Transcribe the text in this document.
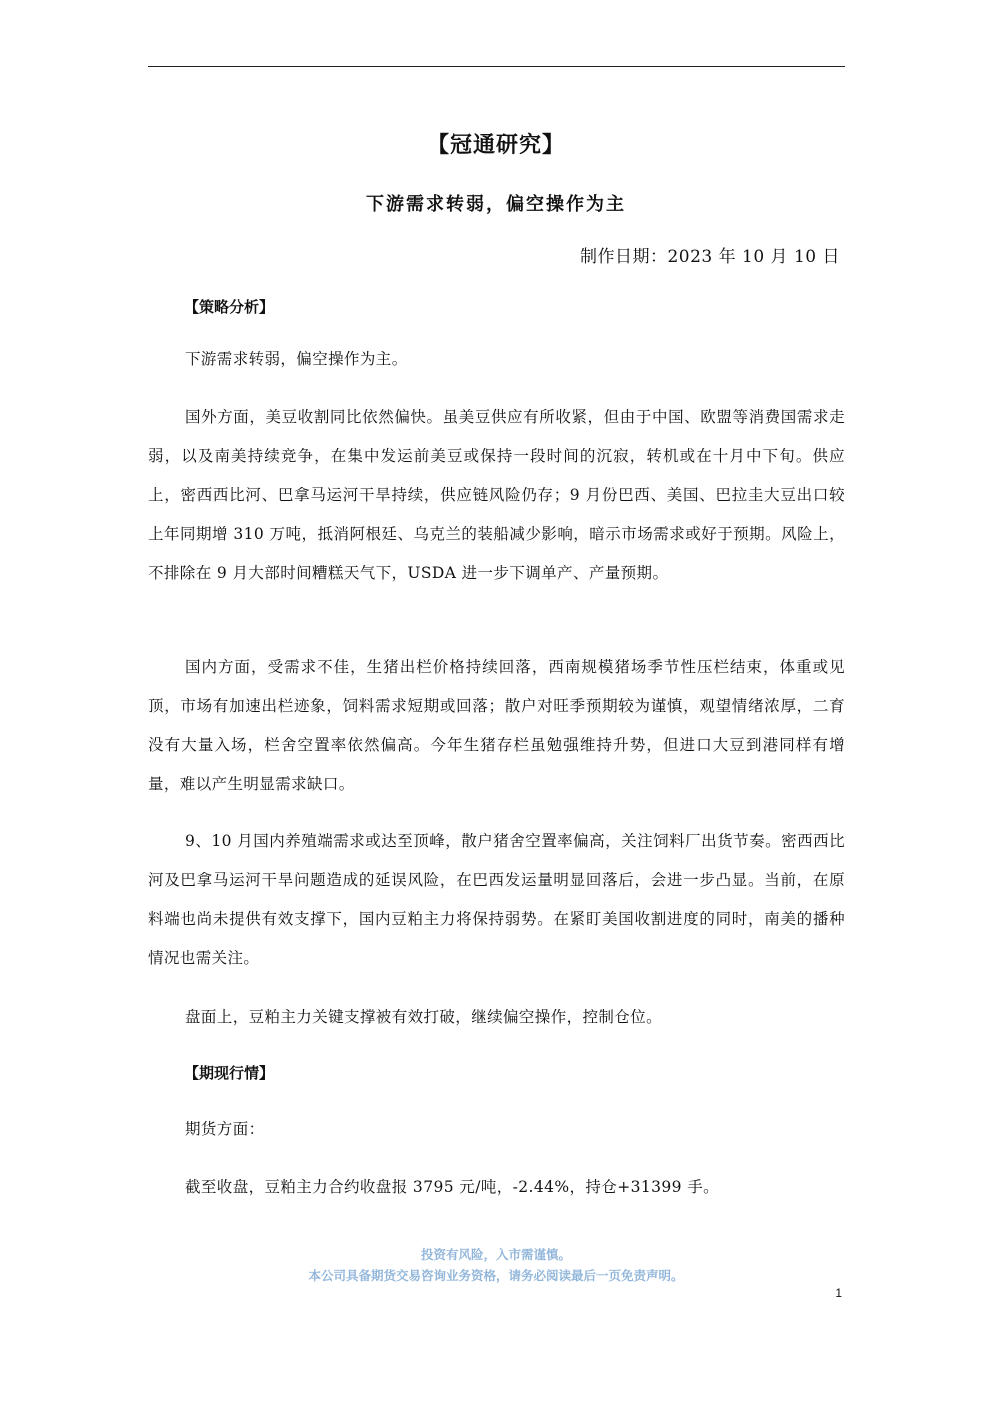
【冠通研究】
下游需求转弱，偏空操作为主
制作日期：2023 年 10 月 10 日
【策略分析】
下游需求转弱，偏空操作为主。
国外方面，美豆收割同比依然偏快。虽美豆供应有所收紧，但由于中国、欧盟等消费国需求走弱，以及南美持续竞争，在集中发运前美豆或保持一段时间的沉寂，转机或在十月中下旬。供应上，密西西比河、巴拿马运河干旱持续，供应链风险仍存；9 月份巴西、美国、巴拉圭大豆出口较上年同期增 310 万吨，抵消阿根廷、乌克兰的装船减少影响，暗示市场需求或好于预期。风险上，不排除在 9 月大部时间糟糕天气下，USDA 进一步下调单产、产量预期。
国内方面，受需求不佳，生猪出栏价格持续回落，西南规模猪场季节性压栏结束，体重或见顶，市场有加速出栏迹象，饲料需求短期或回落；散户对旺季预期较为谨慎，观望情绪浓厚，二育没有大量入场，栏舍空置率依然偏高。今年生猪存栏虽勉强维持升势，但进口大豆到港同样有增量，难以产生明显需求缺口。
9、10 月国内养殖端需求或达至顶峰，散户猪舍空置率偏高，关注饲料厂出货节奏。密西西比河及巴拿马运河干旱问题造成的延误风险，在巴西发运量明显回落后，会进一步凸显。当前，在原料端也尚未提供有效支撑下，国内豆粕主力将保持弱势。在紧盯美国收割进度的同时，南美的播种情况也需关注。
盘面上，豆粕主力关键支撑被有效打破，继续偏空操作，控制仓位。
【期现行情】
期货方面：
截至收盘，豆粕主力合约收盘报 3795 元/吨，-2.44%，持仓+31399 手。
投资有风险，入市需谨慎。
本公司具备期货交易咨询业务资格，请务必阅读最后一页免责声明。
1
